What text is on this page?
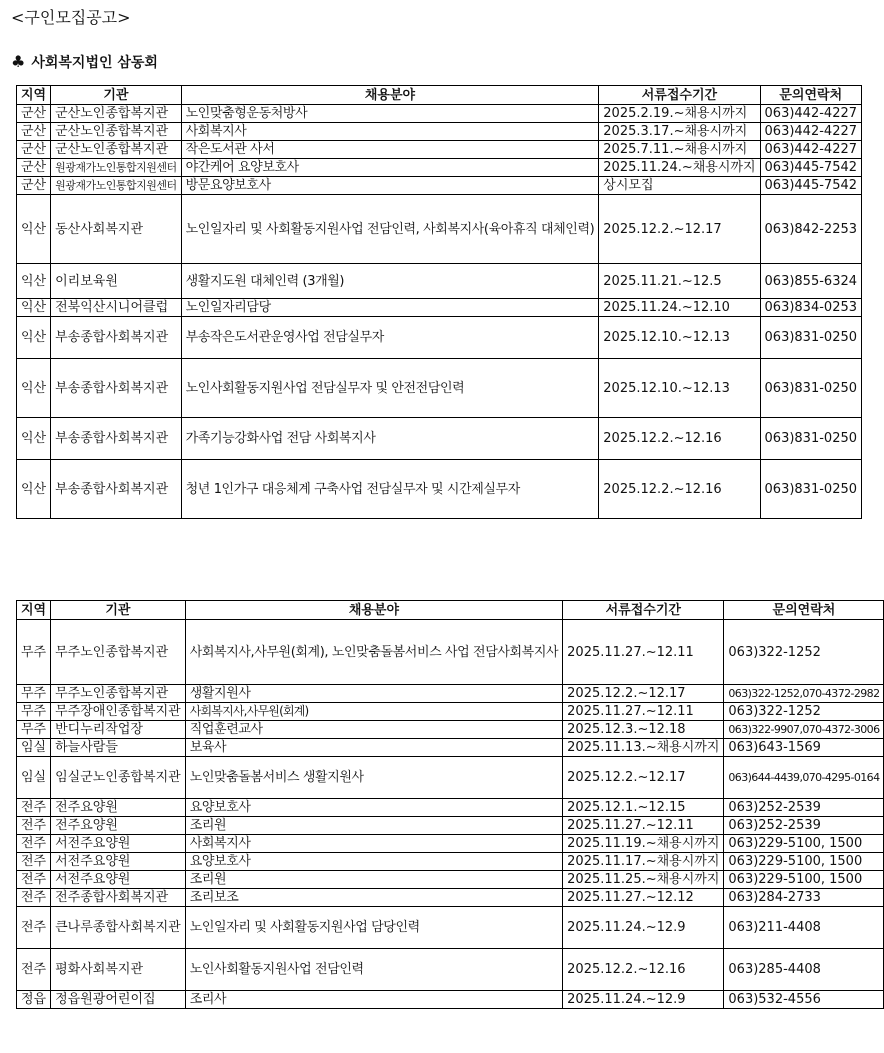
<구인모집공고>
♣ 사회복지법인 삼동회
지역	기관	채용분야	서류접수기간	문의연락처
군산	군산노인종합복지관	노인맞춤형운동처방사	2025.2.19.~채용시까지	063)442-4227
군산	군산노인종합복지관	사회복지사	2025.3.17.~채용시까지	063)442-4227
군산	군산노인종합복지관	작은도서관 사서	2025.7.11.~채용시까지	063)442-4227
군산	원광재가노인통합지원센터	야간케어 요양보호사	2025.11.24.~채용시까지	063)445-7542
군산	원광재가노인통합지원센터	방문요양보호사	상시모집	063)445-7542
익산	동산사회복지관	노인일자리 및 사회활동지원사업 전담인력, 사회복지사(육아휴직 대체인력)	2025.12.2.~12.17	063)842-2253
익산	이리보육원	생활지도원 대체인력 (3개월)	2025.11.21.~12.5	063)855-6324
익산	전북익산시니어클럽	노인일자리담당	2025.11.24.~12.10	063)834-0253
익산	부송종합사회복지관	부송작은도서관운영사업 전담실무자	2025.12.10.~12.13	063)831-0250
익산	부송종합사회복지관	노인사회활동지원사업 전담실무자 및 안전전담인력	2025.12.10.~12.13	063)831-0250
익산	부송종합사회복지관	가족기능강화사업 전담 사회복지사	2025.12.2.~12.16	063)831-0250
익산	부송종합사회복지관	청년 1인가구 대응체계 구축사업 전담실무자 및 시간제실무자	2025.12.2.~12.16	063)831-0250
지역	기관	채용분야	서류접수기간	문의연락처
무주	무주노인종합복지관	사회복지사,사무원(회계), 노인맞춤돌봄서비스 사업 전담사회복지사	2025.11.27.~12.11	063)322-1252
무주	무주노인종합복지관	생활지원사	2025.12.2.~12.17	063)322-1252,070-4372-2982
무주	무주장애인종합복지관	사회복지사,사무원(회계)	2025.11.27.~12.11	063)322-1252
무주	반디누리작업장	직업훈련교사	2025.12.3.~12.18	063)322-9907,070-4372-3006
임실	하늘사람들	보육사	2025.11.13.~채용시까지	063)643-1569
임실	임실군노인종합복지관	노인맞춤돌봄서비스 생활지원사	2025.12.2.~12.17	063)644-4439,070-4295-0164
전주	전주요양원	요양보호사	2025.12.1.~12.15	063)252-2539
전주	전주요양원	조리원	2025.11.27.~12.11	063)252-2539
전주	서전주요양원	사회복지사	2025.11.19.~채용시까지	063)229-5100, 1500
전주	서전주요양원	요양보호사	2025.11.17.~채용시까지	063)229-5100, 1500
전주	서전주요양원	조리원	2025.11.25.~채용시까지	063)229-5100, 1500
전주	전주종합사회복지관	조리보조	2025.11.27.~12.12	063)284-2733
전주	큰나루종합사회복지관	노인일자리 및 사회활동지원사업 담당인력	2025.11.24.~12.9	063)211-4408
전주	평화사회복지관	노인사회활동지원사업 전담인력	2025.12.2.~12.16	063)285-4408
정읍	정읍원광어린이집	조리사	2025.11.24.~12.9	063)532-4556
